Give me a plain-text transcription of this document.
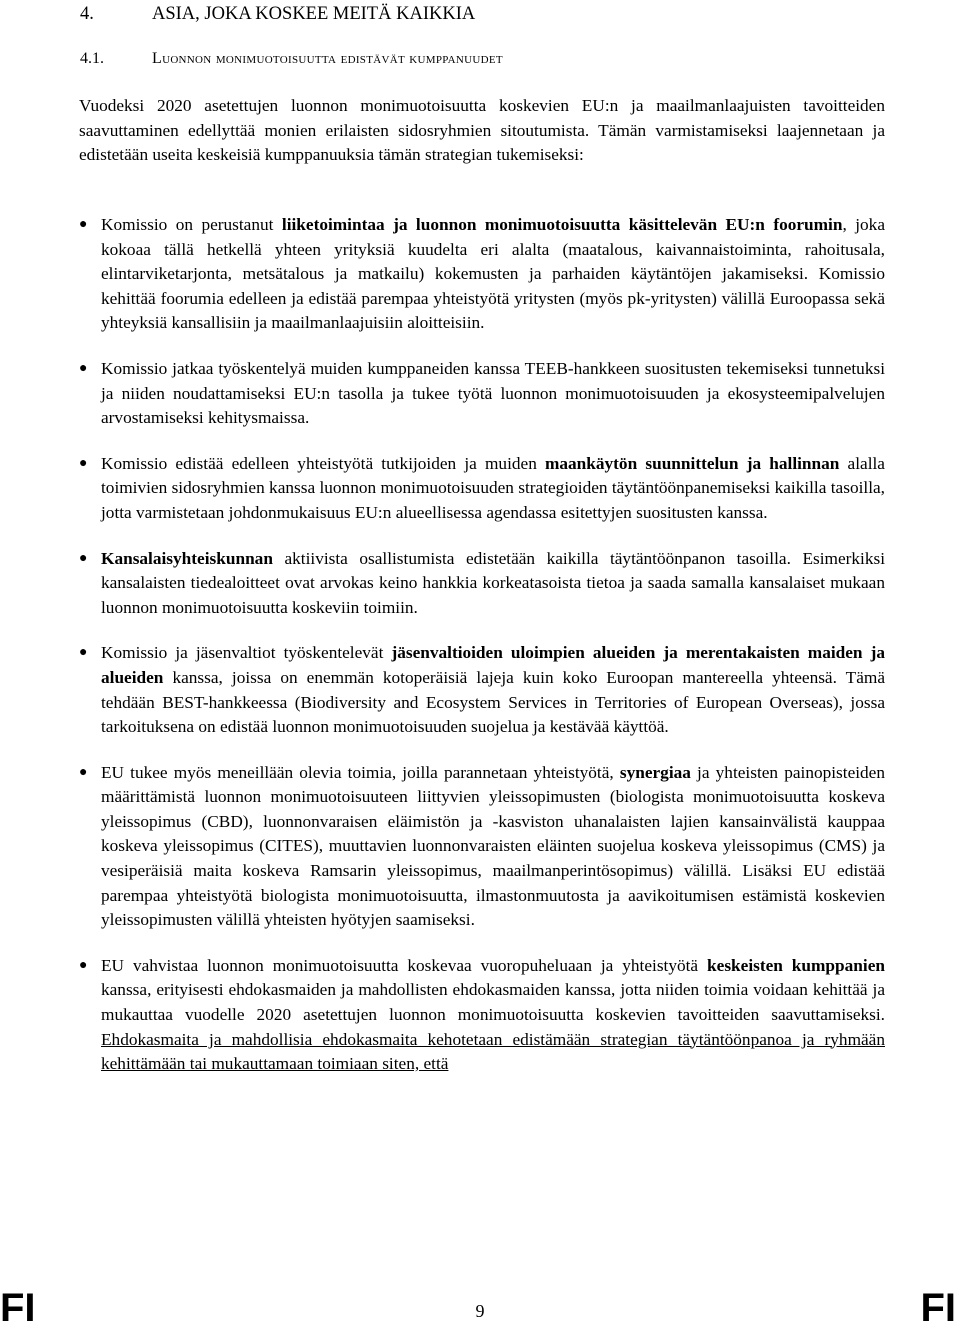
4.	ASIA, JOKA KOSKEE MEITÄ KAIKKIA
4.1.	Luonnon monimuotoisuutta edistävät kumppanuudet
Vuodeksi 2020 asetettujen luonnon monimuotoisuutta koskevien EU:n ja maailmanlaajuisten tavoitteiden saavuttaminen edellyttää monien erilaisten sidosryhmien sitoutumista. Tämän varmistamiseksi laajennetaan ja edistetään useita keskeisiä kumppanuuksia tämän strategian tukemiseksi:
● Komissio on perustanut liiketoimintaa ja luonnon monimuotoisuutta käsittelevän EU:n foorumin, joka kokoaa tällä hetkellä yhteen yrityksiä kuudelta eri alalta (maatalous, kaivannaistoiminta, rahoitusala, elintarviketarjonta, metsätalous ja matkailu) kokemusten ja parhaiden käytäntöjen jakamiseksi. Komissio kehittää foorumia edelleen ja edistää parempaa yhteistyötä yritysten (myös pk-yritysten) välillä Euroopassa sekä yhteyksiä kansallisiin ja maailmanlaajuisiin aloitteisiin.

● Komissio jatkaa työskentelyä muiden kumppaneiden kanssa TEEB-hankkeen suositusten tekemiseksi tunnetuksi ja niiden noudattamiseksi EU:n tasolla ja tukee työtä luonnon monimuotoisuuden ja ekosysteemipalvelujen arvostamiseksi kehitysmaissa.

● Komissio edistää edelleen yhteistyötä tutkijoiden ja muiden maankäytön suunnittelun ja hallinnan alalla toimivien sidosryhmien kanssa luonnon monimuotoisuuden strategioiden täytäntöönpanemiseksi kaikilla tasoilla, jotta varmistetaan johdonmukaisuus EU:n alueellisessa agendassa esitettyjen suositusten kanssa.

● Kansalaisyhteiskunnan aktiivista osallistumista edistetään kaikilla täytäntöönpanon tasoilla. Esimerkiksi kansalaisten tiedealoitteet ovat arvokas keino hankkia korkeatasoista tietoa ja saada samalla kansalaiset mukaan luonnon monimuotoisuutta koskeviin toimiin.

● Komissio ja jäsenvaltiot työskentelevät jäsenvaltioiden uloimpien alueiden ja merentakaisten maiden ja alueiden kanssa, joissa on enemmän kotoperäisiä lajeja kuin koko Euroopan mantereella yhteensä. Tämä tehdään BEST-hankkeessa (Biodiversity and Ecosystem Services in Territories of European Overseas), jossa tarkoituksena on edistää luonnon monimuotoisuuden suojelua ja kestävää käyttöä.

● EU tukee myös meneillään olevia toimia, joilla parannetaan yhteistyötä, synergiaa ja yhteisten painopisteiden määrittämistä luonnon monimuotoisuuteen liittyvien yleissopimusten (biologista monimuotoisuutta koskeva yleissopimus (CBD), luonnonvaraisen eläimistön ja -kasviston uhanalaisten lajien kansainvälistä kauppaa koskeva yleissopimus (CITES), muuttavien luonnonvaraisten eläinten suojelua koskeva yleissopimus (CMS) ja vesiperäisiä maita koskeva Ramsarin yleissopimus, maailmanperintösopimus) välillä. Lisäksi EU edistää parempaa yhteistyötä biologista monimuotoisuutta, ilmastonmuutosta ja aavikoitumisen estämistä koskevien yleissopimusten välillä yhteisten hyötyjen saamiseksi.

● EU vahvistaa luonnon monimuotoisuutta koskevaa vuoropuheluaan ja yhteistyötä keskeisten kumppanien kanssa, erityisesti ehdokasmaiden ja mahdollisten ehdokasmaiden kanssa, jotta niiden toimia voidaan kehittää ja mukauttaa vuodelle 2020 asetettujen luonnon monimuotoisuutta koskevien tavoitteiden saavuttamiseksi. Ehdokasmaita ja mahdollisia ehdokasmaita kehotetaan edistämään strategian täytäntöönpanoa ja ryhmään kehittämään tai mukauttamaan toimiaan siten, että

FI	9	FI
